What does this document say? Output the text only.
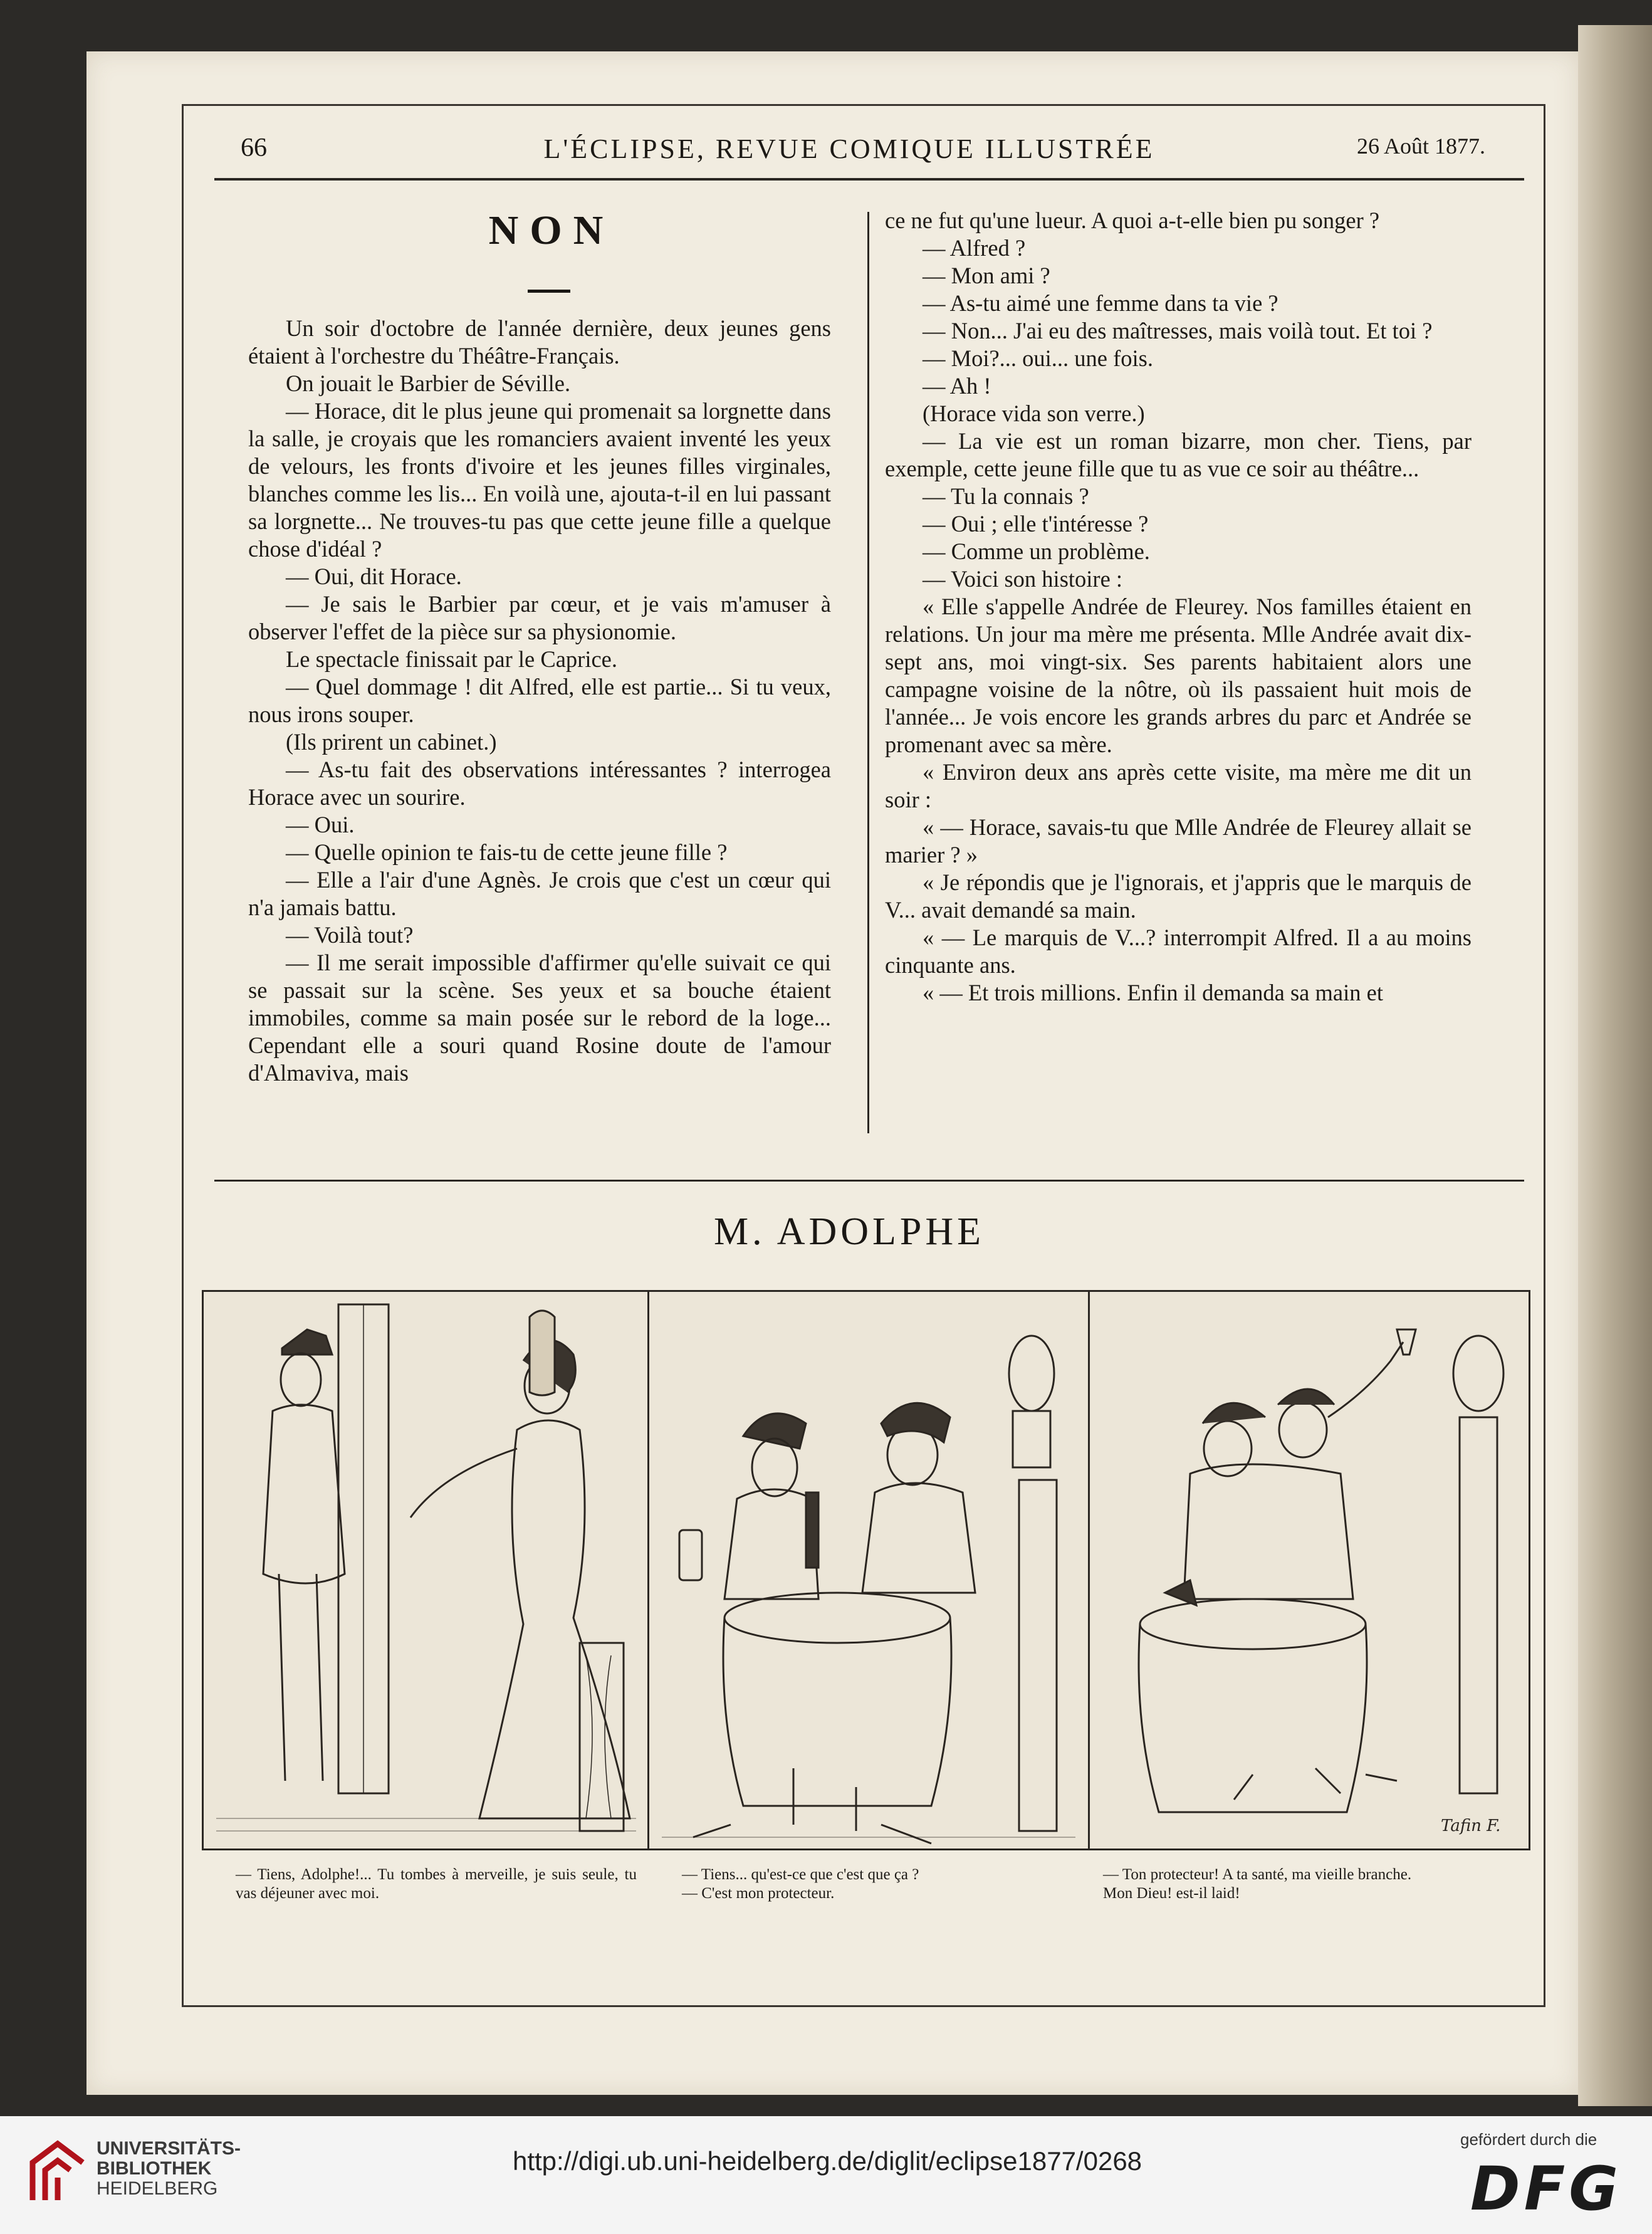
66	L'ÉCLIPSE, REVUE COMIQUE ILLUSTRÉE	26 Août 1877.
NON

Un soir d'octobre de l'année dernière, deux jeunes gens étaient à l'orchestre du Théâtre-Français.

On jouait le Barbier de Séville.

— Horace, dit le plus jeune qui promenait sa lorgnette dans la salle, je croyais que les romanciers avaient inventé les yeux de velours, les fronts d'ivoire et les jeunes filles virginales, blanches comme les lis... En voilà une, ajouta-t-il en lui passant sa lorgnette... Ne trouves-tu pas que cette jeune fille a quelque chose d'idéal ?

— Oui, dit Horace.

— Je sais le Barbier par cœur, et je vais m'amuser à observer l'effet de la pièce sur sa physionomie.

Le spectacle finissait par le Caprice.

— Quel dommage ! dit Alfred, elle est partie... Si tu veux, nous irons souper.

(Ils prirent un cabinet.)

— As-tu fait des observations intéressantes ? interrogea Horace avec un sourire.

— Oui.

— Quelle opinion te fais-tu de cette jeune fille ?

— Elle a l'air d'une Agnès. Je crois que c'est un cœur qui n'a jamais battu.

— Voilà tout?

— Il me serait impossible d'affirmer qu'elle suivait ce qui se passait sur la scène. Ses yeux et sa bouche étaient immobiles, comme sa main posée sur le rebord de la loge... Cependant elle a souri quand Rosine doute de l'amour d'Almaviva, mais

ce ne fut qu'une lueur. A quoi a-t-elle bien pu songer ?

— Alfred ?

— Mon ami ?

— As-tu aimé une femme dans ta vie ?

— Non... J'ai eu des maîtresses, mais voilà tout. Et toi ?

— Moi?... oui... une fois.

— Ah !

(Horace vida son verre.)

— La vie est un roman bizarre, mon cher. Tiens, par exemple, cette jeune fille que tu as vue ce soir au théâtre...

— Tu la connais ?

— Oui ; elle t'intéresse ?

— Comme un problème.

— Voici son histoire :

« Elle s'appelle Andrée de Fleurey. Nos familles étaient en relations. Un jour ma mère me présenta. Mlle Andrée avait dix-sept ans, moi vingt-six. Ses parents habitaient alors une campagne voisine de la nôtre, où ils passaient huit mois de l'année... Je vois encore les grands arbres du parc et Andrée se promenant avec sa mère.

« Environ deux ans après cette visite, ma mère me dit un soir :

« — Horace, savais-tu que Mlle Andrée de Fleurey allait se marier ? »

« Je répondis que je l'ignorais, et j'appris que le marquis de V... avait demandé sa main.

« — Le marquis de V...? interrompit Alfred. Il a au moins cinquante ans.

« — Et trois millions. Enfin il demanda sa main et

M. ADOLPHE
Tafin F.
— Tiens, Adolphe!... Tu tombes à merveille, je suis seule, tu vas déjeuner avec moi.
— Tiens... qu'est-ce que c'est que ça ?
— C'est mon protecteur.
— Ton protecteur! A ta santé, ma vieille branche.
Mon Dieu! est-il laid!
UNIVERSITÄTS-
BIBLIOTHEK
HEIDELBERG
http://digi.ub.uni-heidelberg.de/diglit/eclipse1877/0268
gefördert durch die
DFG
